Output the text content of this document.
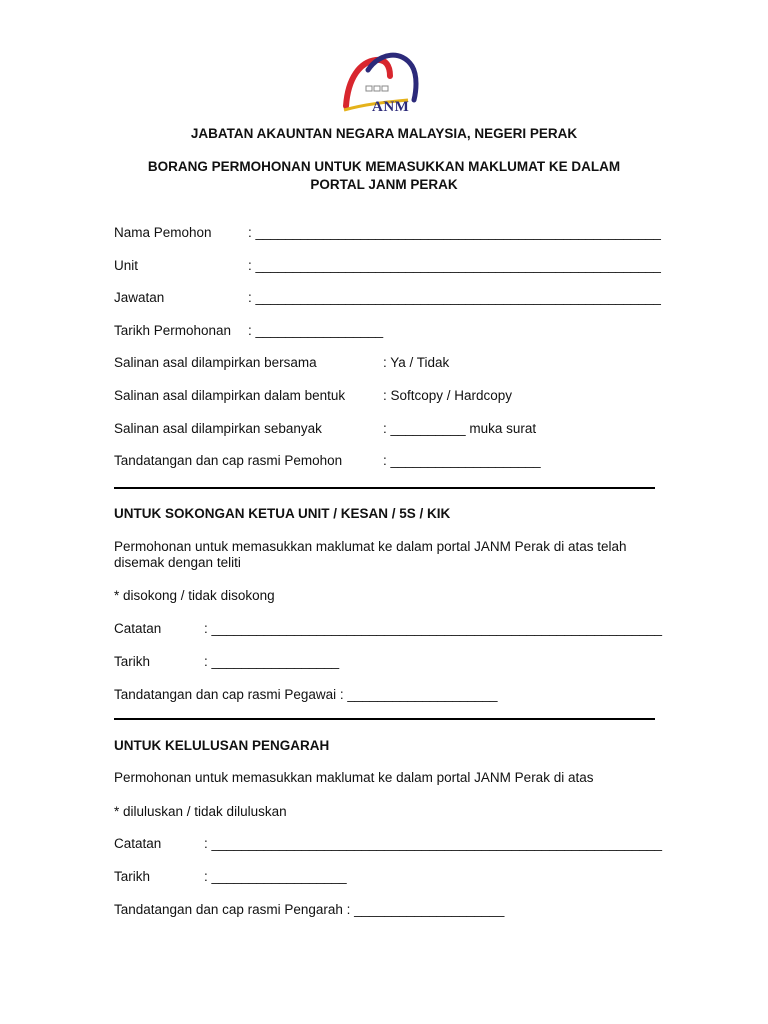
ANM
JABATAN AKAUNTAN NEGARA MALAYSIA, NEGERI PERAK
BORANG PERMOHONAN UNTUK MEMASUKKAN MAKLUMAT KE DALAM
PORTAL JANM PERAK
Nama Pemohon	: ______________________________________________________
Unit	: ______________________________________________________
Jawatan	: ______________________________________________________
Tarikh Permohonan : _________________
Salinan asal dilampirkan bersama	: Ya / Tidak
Salinan asal dilampirkan dalam bentuk	: Softcopy / Hardcopy
Salinan asal dilampirkan sebanyak	: __________ muka surat
Tandatangan dan cap rasmi Pemohon	: ____________________
UNTUK SOKONGAN KETUA UNIT / KESAN / 5S / KIK
Permohonan untuk memasukkan maklumat ke dalam portal JANM Perak di atas telah
disemak dengan teliti
* disokong / tidak disokong
Catatan	: ____________________________________________________________
Tarikh	: _________________
Tandatangan dan cap rasmi Pegawai : ____________________
UNTUK KELULUSAN PENGARAH
Permohonan untuk memasukkan maklumat ke dalam portal JANM Perak di atas
* diluluskan / tidak diluluskan
Catatan	: ____________________________________________________________
Tarikh	: __________________
Tandatangan dan cap rasmi Pengarah : ____________________
